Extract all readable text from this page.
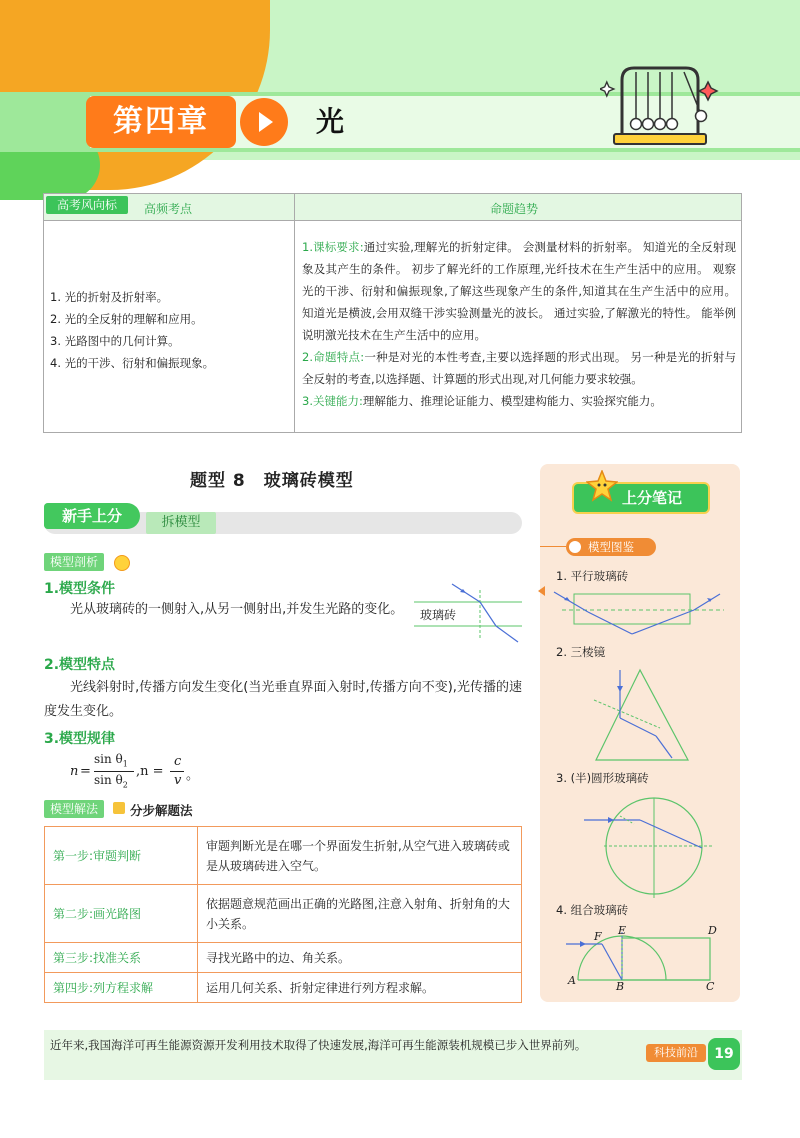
第四章	光
高考风向标	高频考点	命题趋势
1. 光的折射及折射率。
2. 光的全反射的理解和应用。
3. 光路图中的几何计算。
4. 光的干涉、衍射和偏振现象。
1.课标要求:通过实验,理解光的折射定律。 会测量材料的折射率。 知道光的全反射现象及其产生的条件。 初步了解光纤的工作原理,光纤技术在生产生活中的应用。 观察光的干涉、衍射和偏振现象,了解这些现象产生的条件,知道其在生产生活中的应用。 知道光是横波,会用双缝干涉实验测量光的波长。 通过实验,了解激光的特性。 能举例说明激光技术在生产生活中的应用。
2.命题特点:一种是对光的本性考查,主要以选择题的形式出现。 另一种是光的折射与全反射的考查,以选择题、计算题的形式出现,对几何能力要求较强。
3.关键能力:理解能力、推理论证能力、模型建构能力、实验探究能力。
题型 8　玻璃砖模型
新手上分	拆模型
模型剖析
1.模型条件
光从玻璃砖的一侧射入,从另一侧射出,并发生光路的变化。	玻璃砖
2.模型特点
光线斜射时,传播方向发生变化(当光垂直界面入射时,传播方向不变),光传播的速度发生变化。
3.模型规律
n =
$\sin \theta_1$
$\sin \theta_2$
,n =
c
v 。
模型解法	分步解题法
第一步:审题判断	审题判断光是在哪一个界面发生折射,从空气进入玻璃砖或是从玻璃砖进入空气。
第二步:画光路图	依据题意规范画出正确的光路图,注意入射角、折射角的大小关系。
第三步:找准关系	寻找光路中的边、角关系。
第四步:列方程求解	运用几何关系、折射定律进行列方程求解。
上分笔记
模型图鉴
1. 平行玻璃砖
2. 三棱镜
3. (半)圆形玻璃砖
4. 组合玻璃砖
F E	D
A	B	C
近年来,我国海洋可再生能源资源开发利用技术取得了快速发展,海洋可再生能源装机规模已步入世界前列。
科技前沿	19
